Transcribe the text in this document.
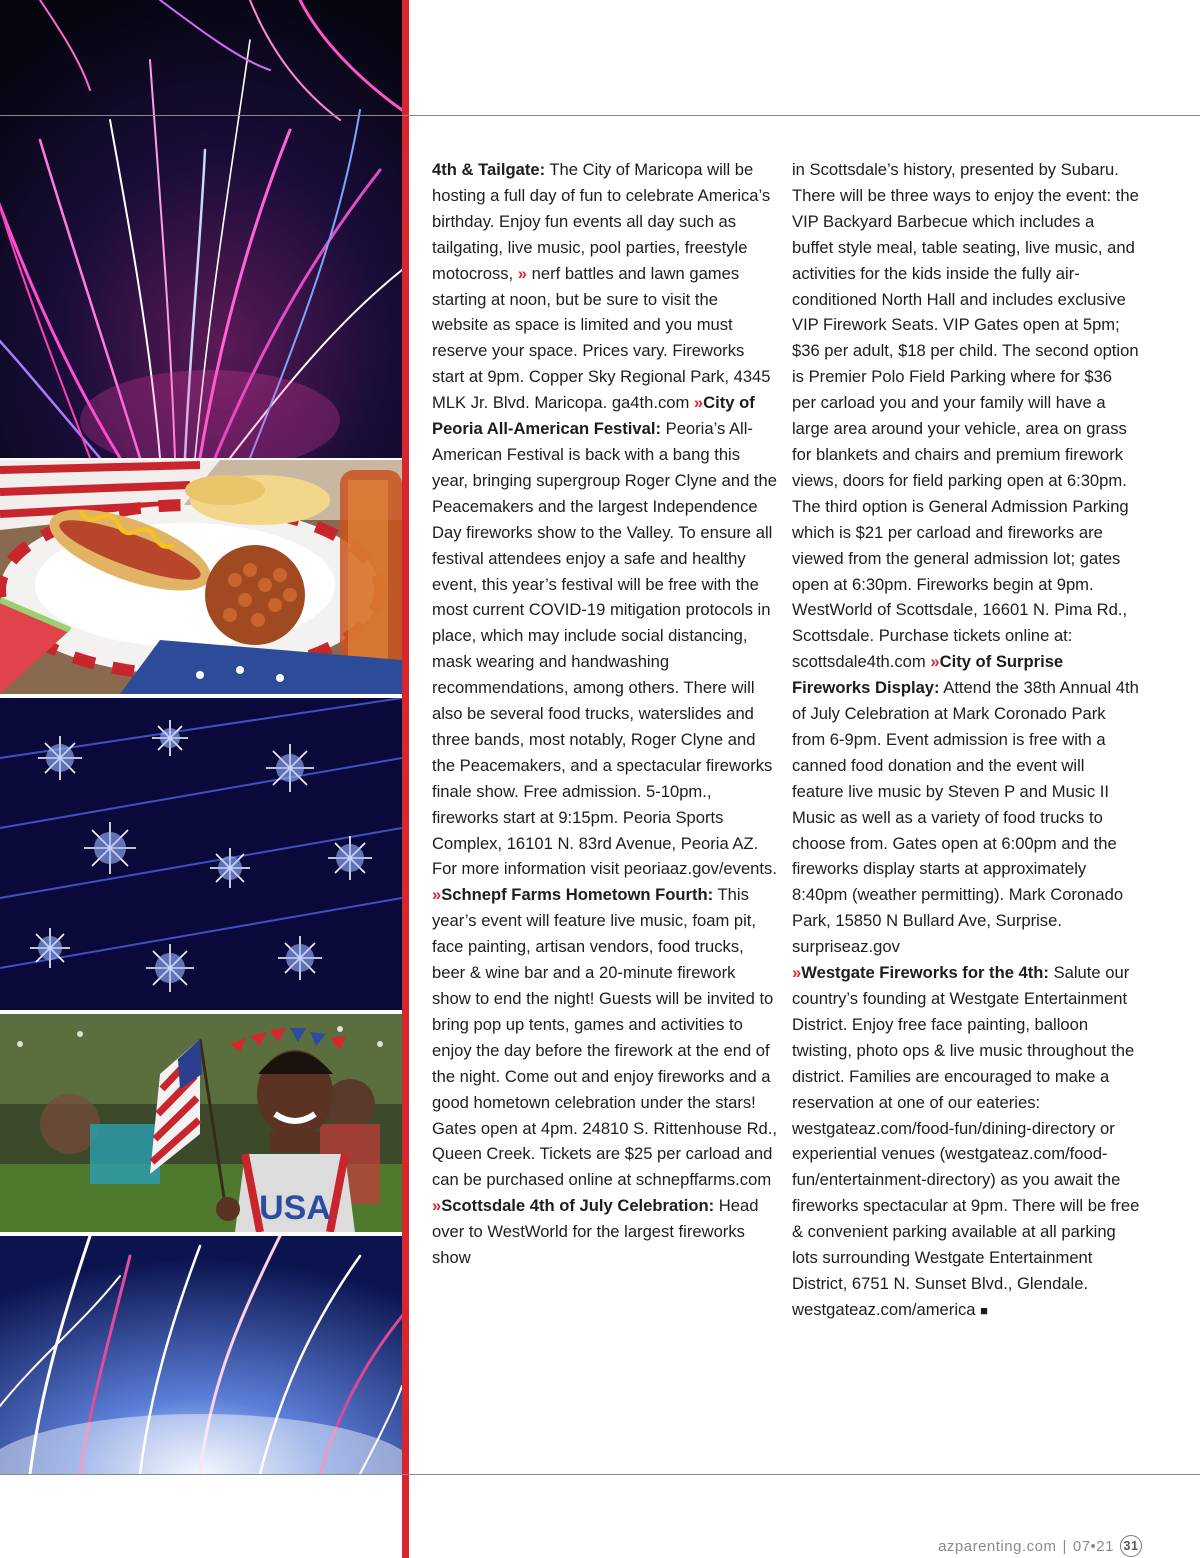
USA
4th & Tailgate: The City of Maricopa will be hosting a full day of fun to celebrate America’s birthday. Enjoy fun events all day such as tailgating, live music, pool parties, freestyle motocross, » nerf battles and lawn games starting at noon, but be sure to visit the website as space is limited and you must reserve your space. Prices vary. Fireworks start at 9pm. Copper Sky Regional Park, 4345 MLK Jr. Blvd. Maricopa. ga4th.com »City of Peoria All-American Festival: Peoria’s All-American Festival is back with a bang this year, bringing supergroup Roger Clyne and the Peacemakers and the largest Independence Day fireworks show to the Valley. To ensure all festival attendees enjoy a safe and healthy event, this year’s festival will be free with the most current COVID-19 mitigation protocols in place, which may include social distancing, mask wearing and handwashing recommendations, among others. There will also be several food trucks, waterslides and three bands, most notably, Roger Clyne and the Peacemakers, and a spectacular fireworks finale show. Free admission. 5-10pm., fireworks start at 9:15pm. Peoria Sports Complex, 16101 N. 83rd Avenue, Peoria AZ. For more information visit peoriaaz.gov/events.
»Schnepf Farms Hometown Fourth: This year’s event will feature live music, foam pit, face painting, artisan vendors, food trucks, beer & wine bar and a 20-minute firework show to end the night! Guests will be invited to bring pop up tents, games and activities to enjoy the day before the firework at the end of the night. Come out and enjoy fireworks and a good hometown celebration under the stars! Gates open at 4pm. 24810 S. Rittenhouse Rd., Queen Creek. Tickets are $25 per carload and can be purchased online at schnepffarms.com »Scottsdale 4th of July Celebration: Head over to WestWorld for the largest fireworks show
in Scottsdale’s history, presented by Subaru. There will be three ways to enjoy the event: the VIP Backyard Barbecue which includes a buffet style meal, table seating, live music, and activities for the kids inside the fully air-conditioned North Hall and includes exclusive VIP Firework Seats. VIP Gates open at 5pm; $36 per adult, $18 per child. The second option is Premier Polo Field Parking where for $36 per carload you and your family will have a large area around your vehicle, area on grass for blankets and chairs and premium firework views, doors for field parking open at 6:30pm. The third option is General Admission Parking which is $21 per carload and fireworks are viewed from the general admission lot; gates open at 6:30pm. Fireworks begin at 9pm. WestWorld of Scottsdale, 16601 N. Pima Rd., Scottsdale. Purchase tickets online at: scottsdale4th.com »City of Surprise Fireworks Display: Attend the 38th Annual 4th of July Celebration at Mark Coronado Park from 6-9pm. Event admission is free with a canned food donation and the event will feature live music by Steven P and Music II Music as well as a variety of food trucks to choose from. Gates open at 6:00pm and the fireworks display starts at approximately 8:40pm (weather permitting). Mark Coronado Park, 15850 N Bullard Ave, Surprise. surpriseaz.gov
»Westgate Fireworks for the 4th: Salute our country’s founding at Westgate Entertainment District. Enjoy free face painting, balloon twisting, photo ops & live music throughout the district. Families are encouraged to make a reservation at one of our eateries: westgateaz.com/food-fun/dining-directory or experiential venues (westgateaz.com/food-fun/entertainment-directory) as you await the fireworks spectacular at 9pm. There will be free & convenient parking available at all parking lots surrounding Westgate Entertainment District, 6751 N. Sunset Blvd., Glendale. westgateaz.com/america ■
azparenting.com | 07•21 31
